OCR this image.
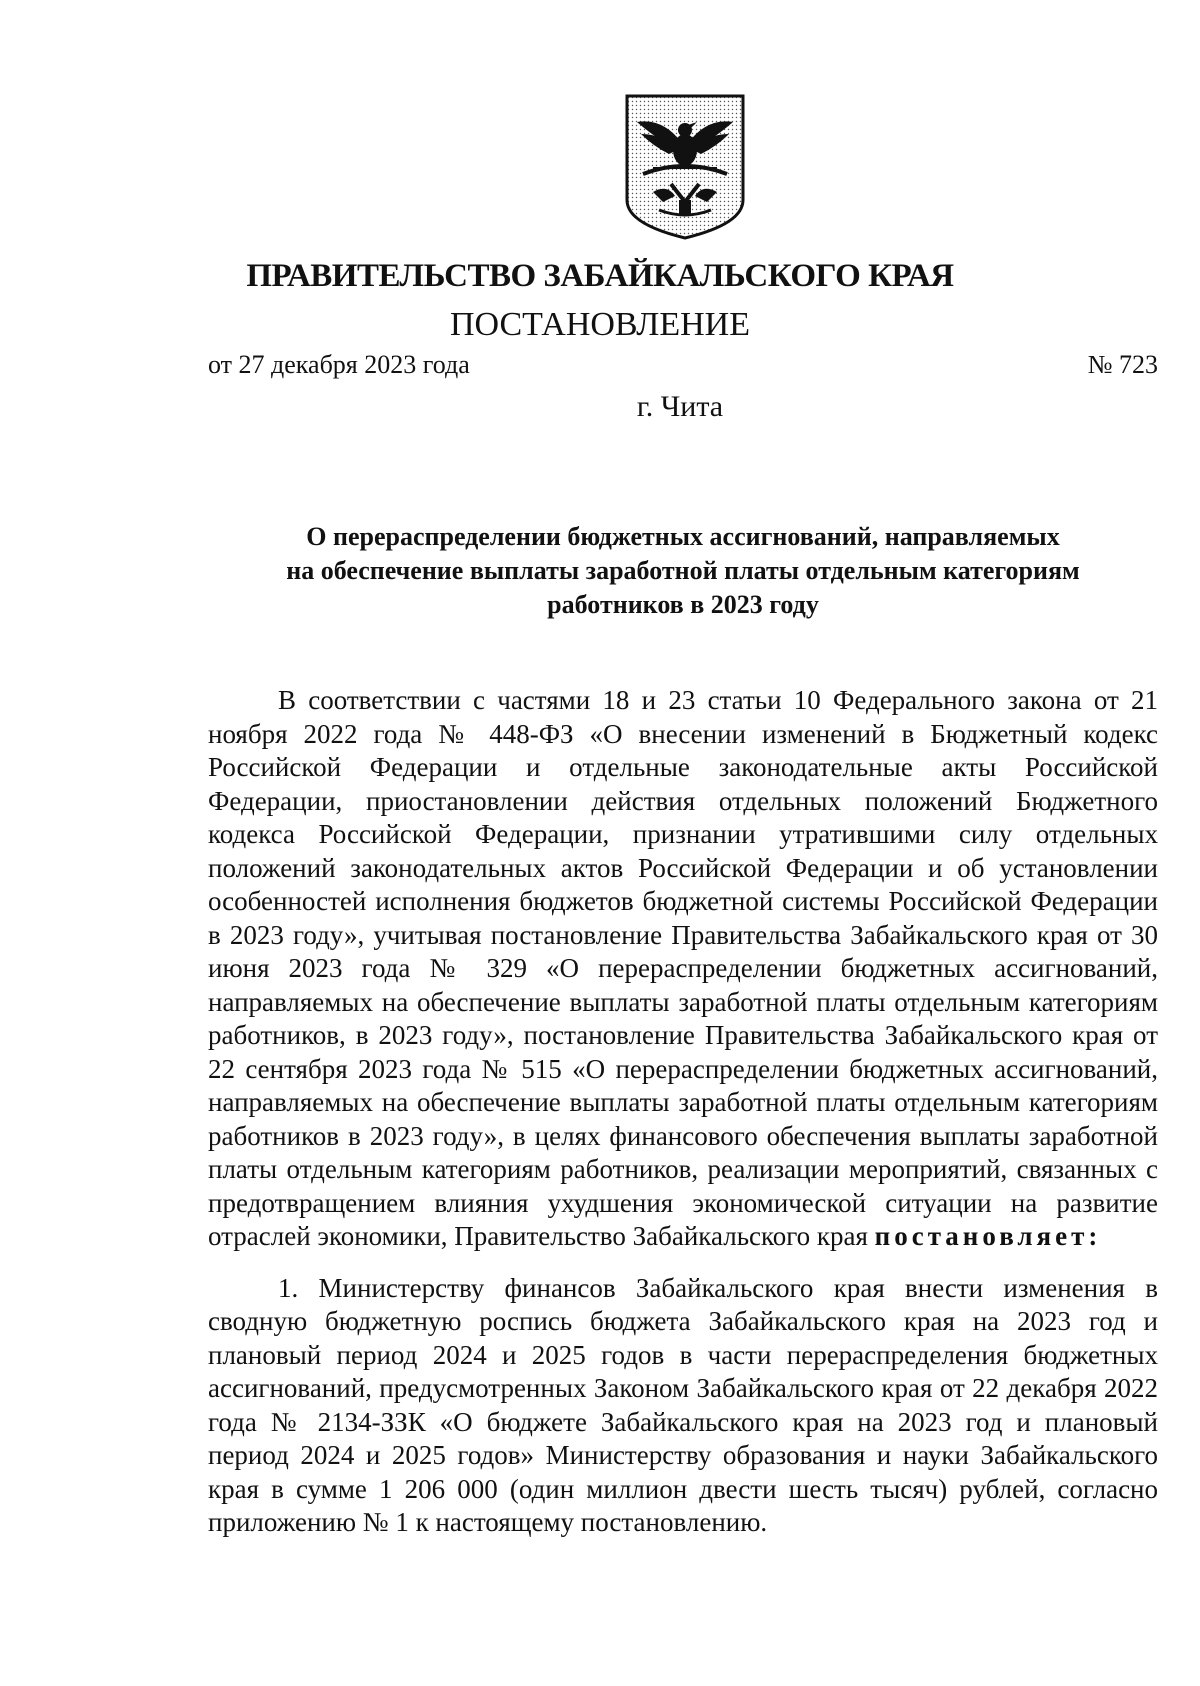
ПРАВИТЕЛЬСТВО ЗАБАЙКАЛЬСКОГО КРАЯ
ПОСТАНОВЛЕНИЕ
от 27 декабря 2023 года	№ 723
г. Чита
О перераспределении бюджетных ассигнований, направляемых
на обеспечение выплаты заработной платы отдельным категориям
работников в 2023 году

В соответствии с частями 18 и 23 статьи 10 Федерального закона от 21 ноября 2022 года № 448-ФЗ «О внесении изменений в Бюджетный кодекс Российской Федерации и отдельные законодательные акты Российской Федерации, приостановлении действия отдельных положений Бюджетного кодекса Российской Федерации, признании утратившими силу отдельных положений законодательных актов Российской Федерации и об установлении особенностей исполнения бюджетов бюджетной системы Российской Федерации в 2023 году», учитывая постановление Правительства Забайкальского края от 30 июня 2023 года № 329 «О перераспределении бюджетных ассигнований, направляемых на обеспечение выплаты заработной платы отдельным категориям работников, в 2023 году», постановление Правительства Забайкальского края от 22 сентября 2023 года № 515 «О перераспределении бюджетных ассигнований, направляемых на обеспечение выплаты заработной платы отдельным категориям работников в 2023 году», в целях финансового обеспечения выплаты заработной платы отдельным категориям работников, реализации мероприятий, связанных с предотвращением влияния ухудшения экономической ситуации на развитие отраслей экономики, Правительство Забайкальского края постановляет:

1. Министерству финансов Забайкальского края внести изменения в сводную бюджетную роспись бюджета Забайкальского края на 2023 год и плановый период 2024 и 2025 годов в части перераспределения бюджетных ассигнований, предусмотренных Законом Забайкальского края от 22 декабря 2022 года № 2134-ЗЗК «О бюджете Забайкальского края на 2023 год и плановый период 2024 и 2025 годов» Министерству образования и науки Забайкальского края в сумме 1 206 000 (один миллион двести шесть тысяч) рублей, согласно приложению № 1 к настоящему постановлению.
